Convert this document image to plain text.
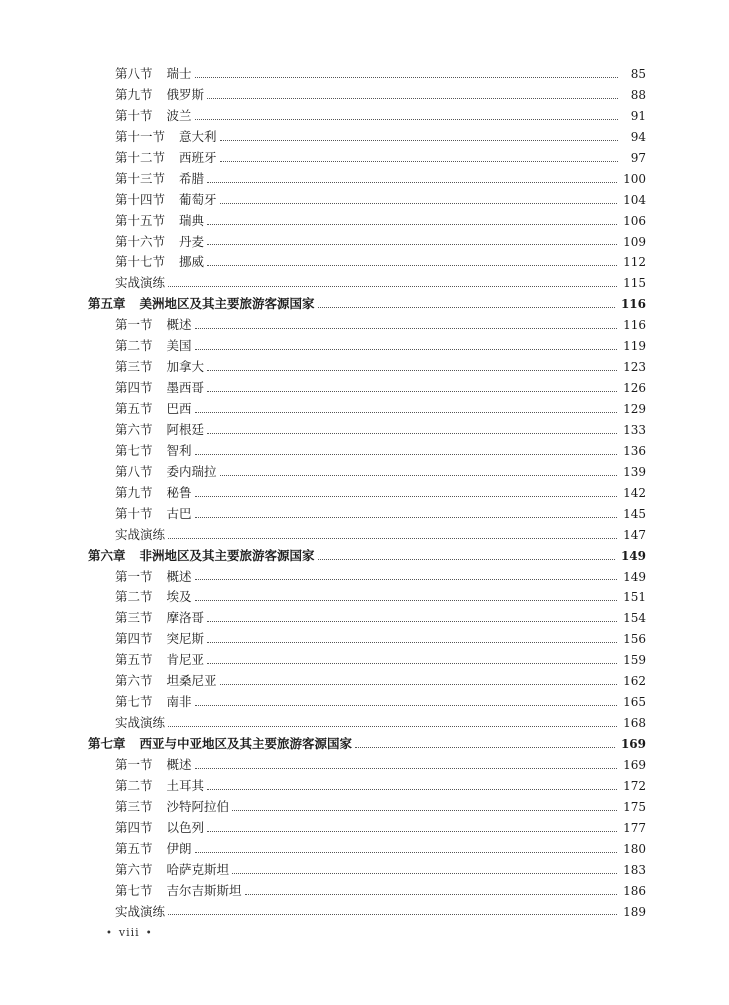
第八节 瑞士	85
第九节 俄罗斯	88
第十节 波兰	91
第十一节 意大利	94
第十二节 西班牙	97
第十三节 希腊	100
第十四节 葡萄牙	104
第十五节 瑞典	106
第十六节 丹麦	109
第十七节 挪威	112
实战演练	115
第五章 美洲地区及其主要旅游客源国家	116
第一节 概述	116
第二节 美国	119
第三节 加拿大	123
第四节 墨西哥	126
第五节 巴西	129
第六节 阿根廷	133
第七节 智利	136
第八节 委内瑞拉	139
第九节 秘鲁	142
第十节 古巴	145
实战演练	147
第六章 非洲地区及其主要旅游客源国家	149
第一节 概述	149
第二节 埃及	151
第三节 摩洛哥	154
第四节 突尼斯	156
第五节 肯尼亚	159
第六节 坦桑尼亚	162
第七节 南非	165
实战演练	168
第七章 西亚与中亚地区及其主要旅游客源国家	169
第一节 概述	169
第二节 土耳其	172
第三节 沙特阿拉伯	175
第四节 以色列	177
第五节 伊朗	180
第六节 哈萨克斯坦	183
第七节 吉尔吉斯斯坦	186
实战演练	189
• viii •
